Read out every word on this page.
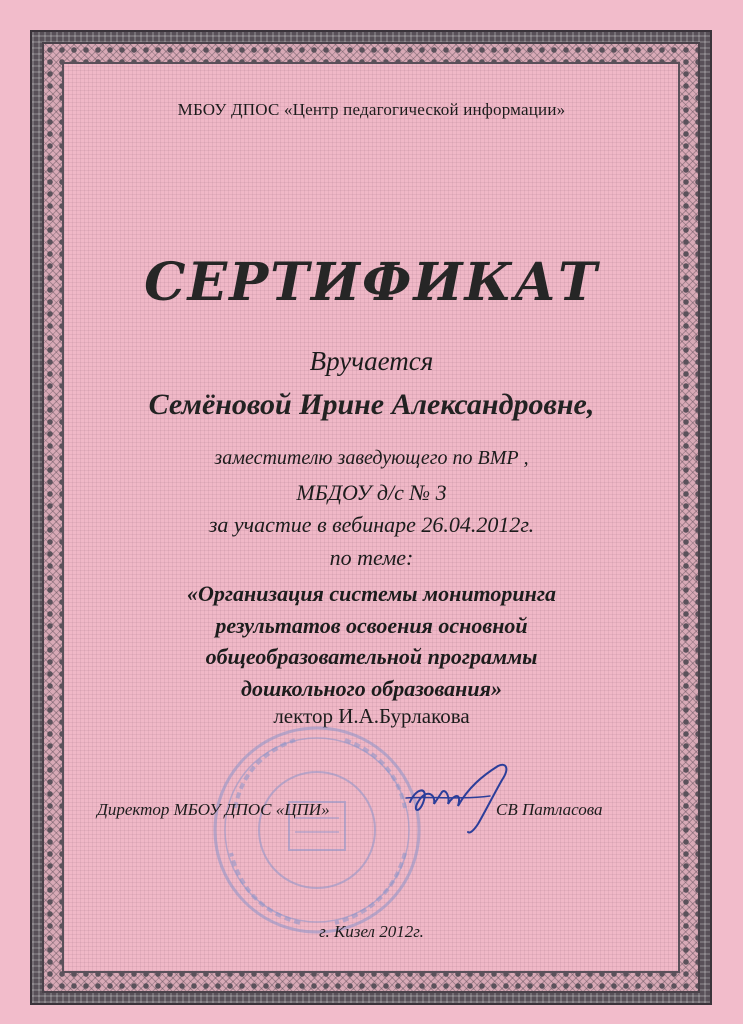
МБОУ ДПОС «Центр педагогической информации»
СЕРТИФИКАТ
Вручается
Семёновой Ирине Александровне,
заместителю заведующего по ВМР ,
МБДОУ д/с № 3
за участие в вебинаре 26.04.2012г.
по теме:
«Организация системы мониторинга
результатов освоения основной
общеобразовательной программы
дошкольного образования»
лектор И.А.Бурлакова
Директор МБОУ ДПОС «ЦПИ»	СВ Патласова
г. Кизел 2012г.
